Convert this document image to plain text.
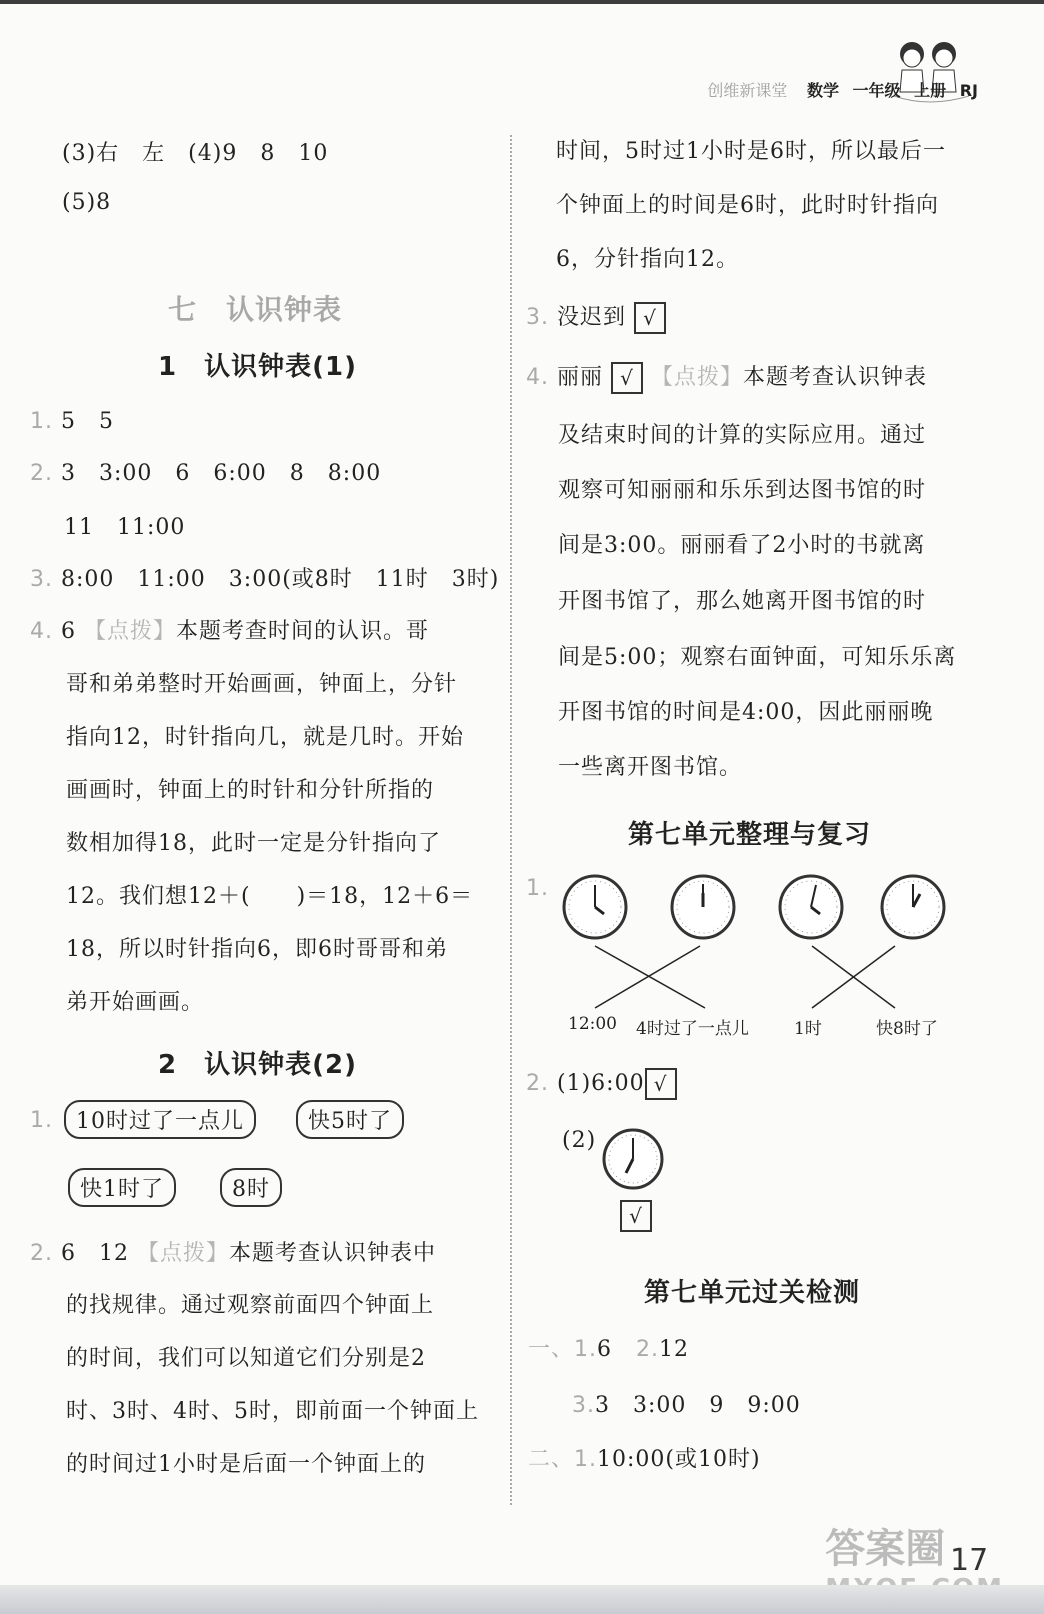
创维新课堂 数学 一年级 上册 RJ
(3)右　左　(4)9　8　10
(5)8
七　认识钟表
1　认识钟表(1)
1. 5　5
2. 3　3:00　6　6:00　8　8:00
11　11:00
3. 8:00　11:00　3:00(或8时　11时　3时)
4. 6 【点拨】本题考查时间的认识。哥
哥和弟弟整时开始画画，钟面上，分针
指向12，时针指向几，就是几时。开始
画画时，钟面上的时针和分针所指的
数相加得18，此时一定是分针指向了
12。我们想12＋(　　)＝18，12＋6＝
18，所以时针指向6，即6时哥哥和弟
弟开始画画。
2　认识钟表(2)
1.	10时过了一点儿	快5时了
快1时了	8时
2. 6　12 【点拨】本题考查认识钟表中
的找规律。通过观察前面四个钟面上
的时间，我们可以知道它们分别是2
时、3时、4时、5时，即前面一个钟面上
的时间过1小时是后面一个钟面上的
时间，5时过1小时是6时，所以最后一
个钟面上的时间是6时，此时时针指向
6，分针指向12。
3. 没迟到 √
4. 丽丽 √ 【点拨】本题考查认识钟表
及结束时间的计算的实际应用。通过
观察可知丽丽和乐乐到达图书馆的时
间是3:00。丽丽看了2小时的书就离
开图书馆了，那么她离开图书馆的时
间是5:00；观察右面钟面，可知乐乐离
开图书馆的时间是4:00，因此丽丽晚
一些离开图书馆。
第七单元整理与复习
1.
12:00 4时过了一点儿	1时	快8时了
2. (1)6:00 √
(2)
√
第七单元过关检测
一、1.6 2.12
3.3　3:00　9　9:00
二、1.10:00(或10时)
答案圈 17
